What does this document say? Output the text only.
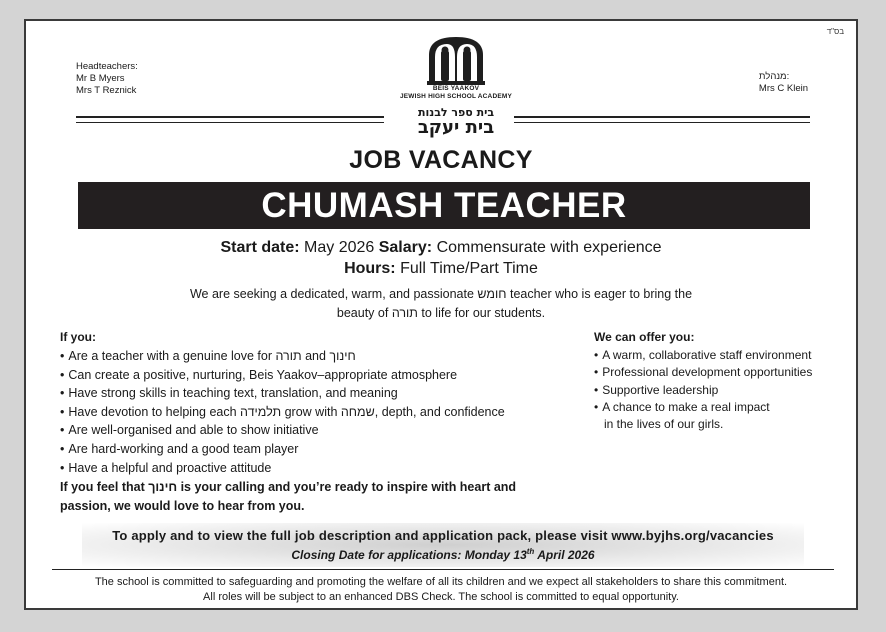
בס"ד
Headteachers:
Mr B Myers
Mrs T Reznick
מנהלת:
Mrs C Klein
BEIS YAAKOV
JEWISH HIGH SCHOOL ACADEMY
בית ספר לבנות
בית יעקב
JOB VACANCY
CHUMASH TEACHER
Start date: May 2026 Salary: Commensurate with experience
Hours: Full Time/Part Time
We are seeking a dedicated, warm, and passionate חומש teacher who is eager to bring the
beauty of תורה to life for our students.
If you:
• Are a teacher with a genuine love for תורה and חינוך
• Can create a positive, nurturing, Beis Yaakov–appropriate atmosphere
• Have strong skills in teaching text, translation, and meaning
• Have devotion to helping each תלמידה grow with שמחה, depth, and confidence
• Are well-organised and able to show initiative
• Are hard-working and a good team player
• Have a helpful and proactive attitude
If you feel that חינוך is your calling and you’re ready to inspire with heart and
passion, we would love to hear from you.
We can offer you:
• A warm, collaborative staff environment
• Professional development opportunities
• Supportive leadership
• A chance to make a real impact
in the lives of our girls.
To apply and to view the full job description and application pack, please visit www.byjhs.org/vacancies
Closing Date for applications: Monday 13th April 2026
The school is committed to safeguarding and promoting the welfare of all its children and we expect all stakeholders to share this commitment.
All roles will be subject to an enhanced DBS Check. The school is committed to equal opportunity.
